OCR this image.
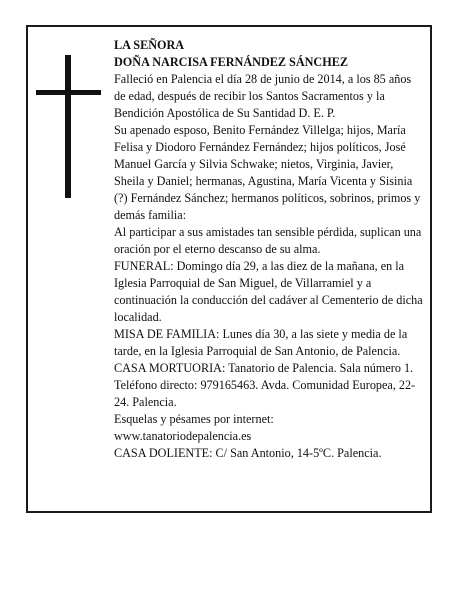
LA SEÑORA

DOÑA NARCISA FERNÁNDEZ SÁNCHEZ

Falleció en Palencia el día 28 de junio de 2014, a los 85 años de edad, después de recibir los Santos Sacramentos y la Bendición Apostólica de Su Santidad D. E. P.

Su apenado esposo, Benito Fernández Villelga; hijos, María Felisa y Diodoro Fernández Fernández; hijos políticos, José Manuel García y Silvia Schwake; nietos, Virginia, Javier, Sheila y Daniel; hermanas, Agustina, María Vicenta y Sisinia (?) Fernández Sánchez; hermanos políticos, sobrinos, primos y demás familia:

Al participar a sus amistades tan sensible pérdida, suplican una oración por el eterno descanso de su alma.

FUNERAL: Domingo día 29, a las diez de la mañana, en la Iglesia Parroquial de San Miguel, de Villarramiel y a continuación la conducción del cadáver al Cementerio de dicha localidad.

MISA DE FAMILIA: Lunes día 30, a las siete y media de la tarde, en la Iglesia Parroquial de San Antonio, de Palencia.

CASA MORTUORIA: Tanatorio de Palencia. Sala número 1. Teléfono directo: 979165463. Avda. Comunidad Europea, 22-24. Palencia.

Esquelas y pésames por internet:

www.tanatoriodepalencia.es

CASA DOLIENTE: C/ San Antonio, 14-5ºC. Palencia.
